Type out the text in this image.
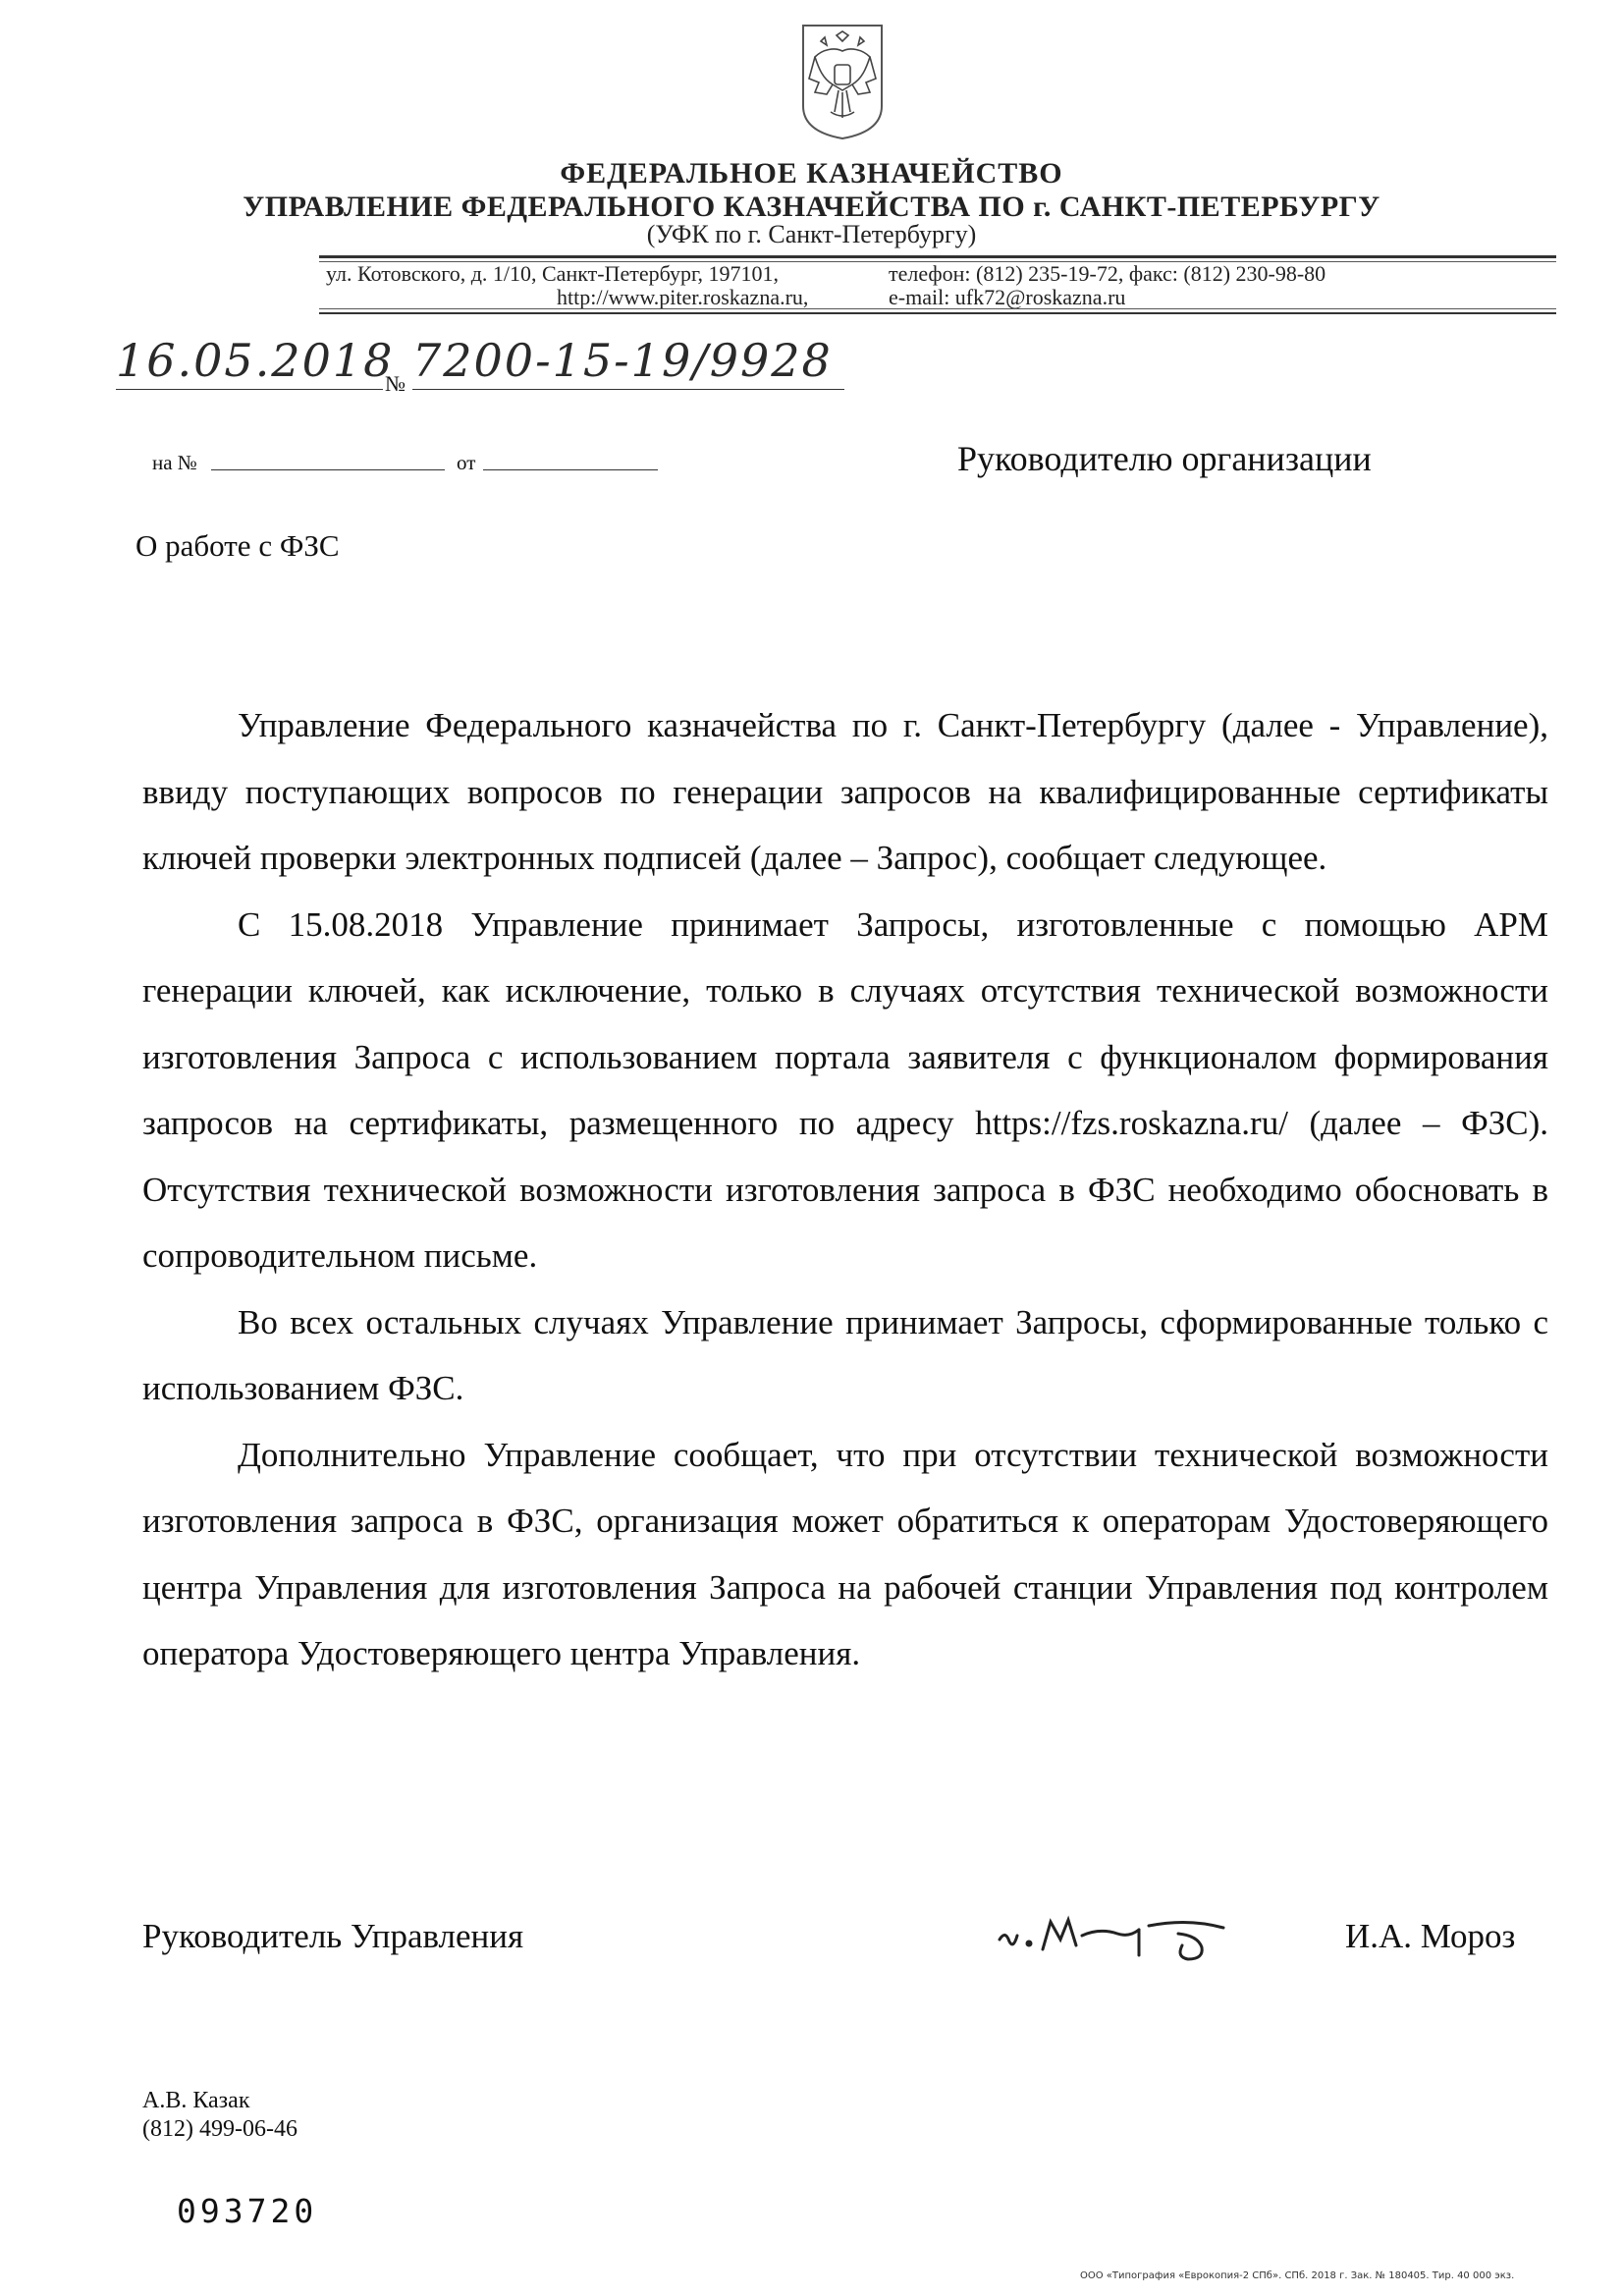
ФЕДЕРАЛЬНОЕ КАЗНАЧЕЙСТВО
УПРАВЛЕНИЕ ФЕДЕРАЛЬНОГО КАЗНАЧЕЙСТВА ПО г. САНКТ-ПЕТЕРБУРГУ
(УФК по г. Санкт-Петербургу)
ул. Котовского, д. 1/10, Санкт-Петербург, 197101,
http://www.piter.roskazna.ru,
телефон: (812) 235-19-72, факс: (812) 230-98-80
e-mail: ufk72@roskazna.ru
16.05.2018
№ 7200-15-19/9928
на №	от	Руководителю организации
О работе с ФЗС

Управление Федерального казначейства по г. Санкт-Петербургу (далее - Управление), ввиду поступающих вопросов по генерации запросов на квалифицированные сертификаты ключей проверки электронных подписей (далее – Запрос), сообщает следующее.

С 15.08.2018 Управление принимает Запросы, изготовленные с помощью АРМ генерации ключей, как исключение, только в случаях отсутствия технической возможности изготовления Запроса с использованием портала заявителя с функционалом формирования запросов на сертификаты, размещенного по адресу https://fzs.roskazna.ru/ (далее – ФЗС). Отсутствия технической возможности изготовления запроса в ФЗС необходимо обосновать в сопроводительном письме.

Во всех остальных случаях Управление принимает Запросы, сформированные только с использованием ФЗС.

Дополнительно Управление сообщает, что при отсутствии технической возможности изготовления запроса в ФЗС, организация может обратиться к операторам Удостоверяющего центра Управления для изготовления Запроса на рабочей станции Управления под контролем оператора Удостоверяющего центра Управления.

Руководитель Управления	И.А. Мороз
А.В. Казак
(812) 499-06-46
093720
ООО «Типография «Еврокопия-2 СПб». СПб. 2018 г. Зак. № 180405. Тир. 40 000 экз.
